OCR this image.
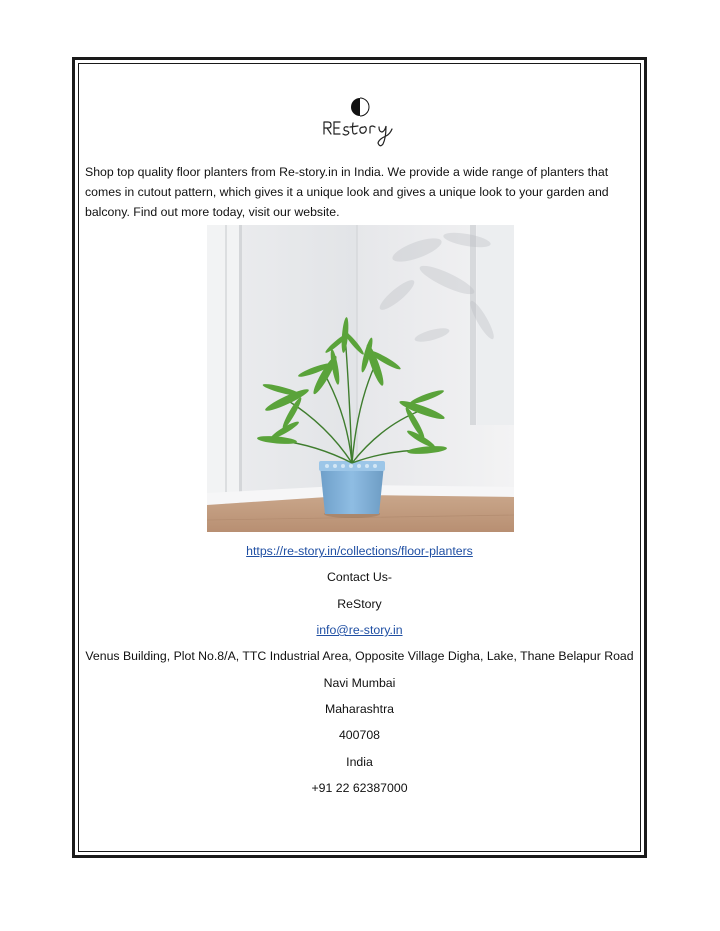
Shop top quality floor planters from Re-story.in in India. We provide a wide range of planters that comes in cutout pattern, which gives it a unique look and gives a unique look to your garden and balcony. Find out more today, visit our website.

https://re-story.in/collections/floor-planters
Contact Us-
ReStory
info@re-story.in
Venus Building, Plot No.8/A, TTC Industrial Area, Opposite Village Digha, Lake, Thane Belapur Road
Navi Mumbai
Maharashtra
400708
India
+91 22 62387000
